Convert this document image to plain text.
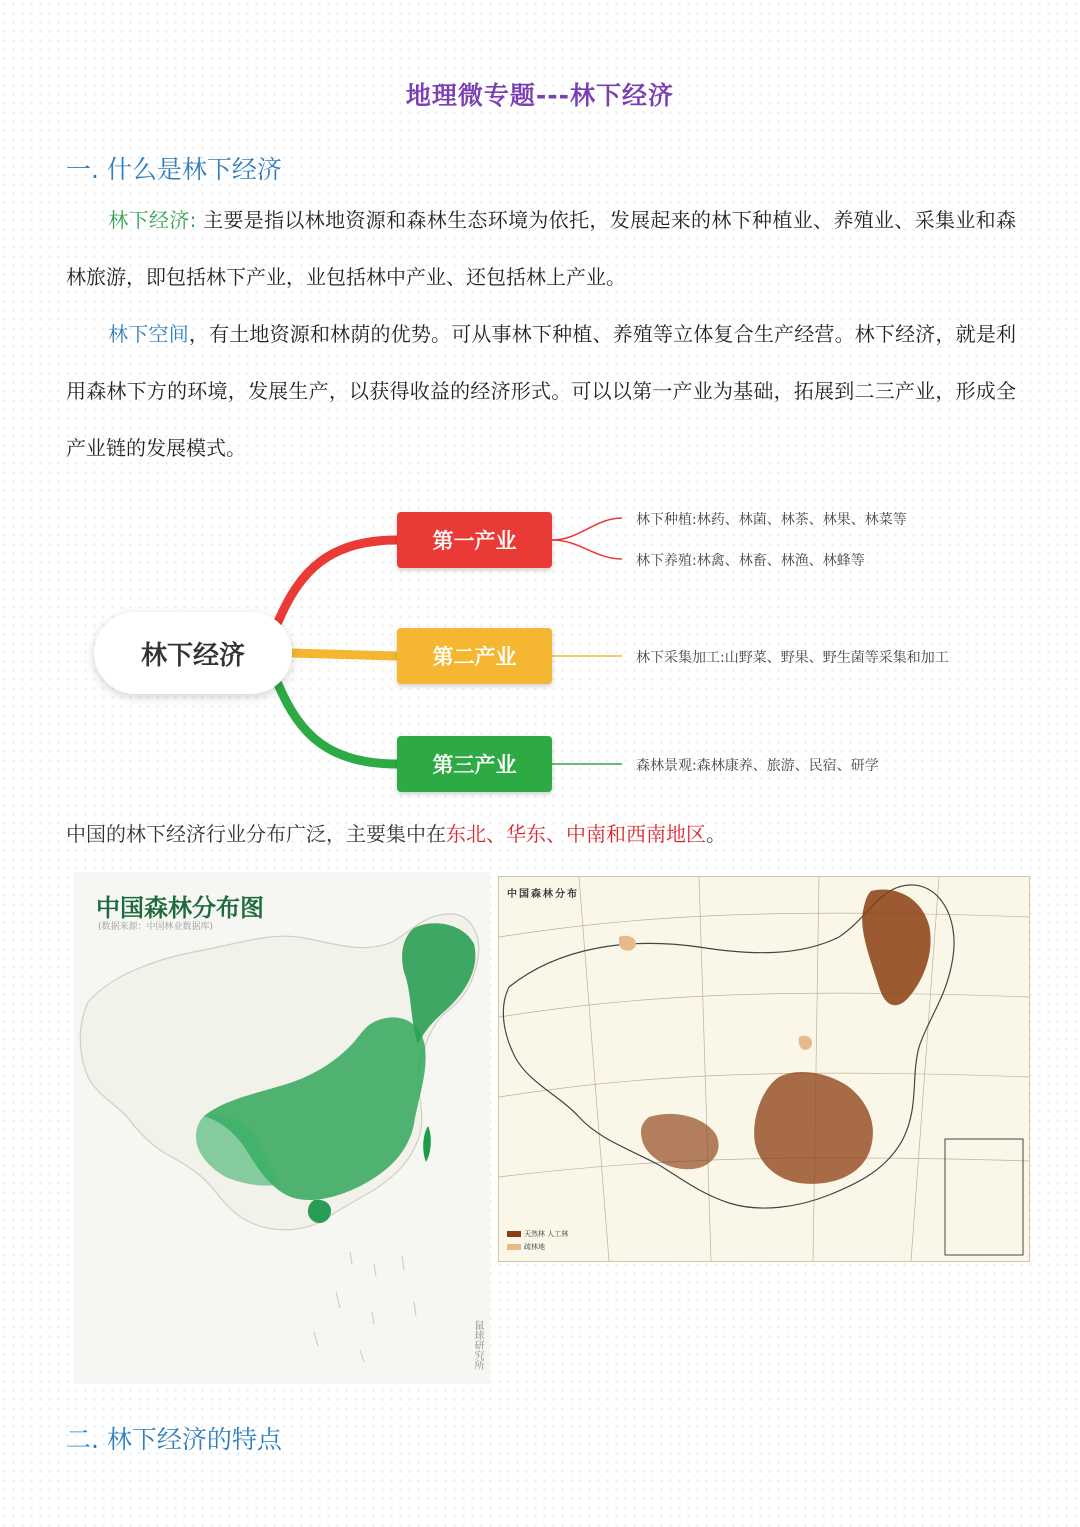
地理微专题---林下经济
一. 什么是林下经济
林下经济: 主要是指以林地资源和森林生态环境为依托，发展起来的林下种植业、养殖业、采集业和森林旅游，即包括林下产业，业包括林中产业、还包括林上产业。
林下空间，有土地资源和林荫的优势。可从事林下种植、养殖等立体复合生产经营。林下经济，就是利用森林下方的环境，发展生产，以获得收益的经济形式。可以以第一产业为基础，拓展到二三产业，形成全产业链的发展模式。
林下经济
第一产业
第二产业
第三产业
林下种植:林药、林菌、林茶、林果、林菜等
林下养殖:林禽、林畜、林渔、林蜂等
林下采集加工:山野菜、野果、野生菌等采集和加工
森林景观:森林康养、旅游、民宿、研学
中国的林下经济行业分布广泛，主要集中在东北、华东、中南和西南地区。
中国森林分布图
(数据来源：中国林业数据库)
鼠球研究所
中国森林分布
天然林 人工林
疏林地
二. 林下经济的特点
